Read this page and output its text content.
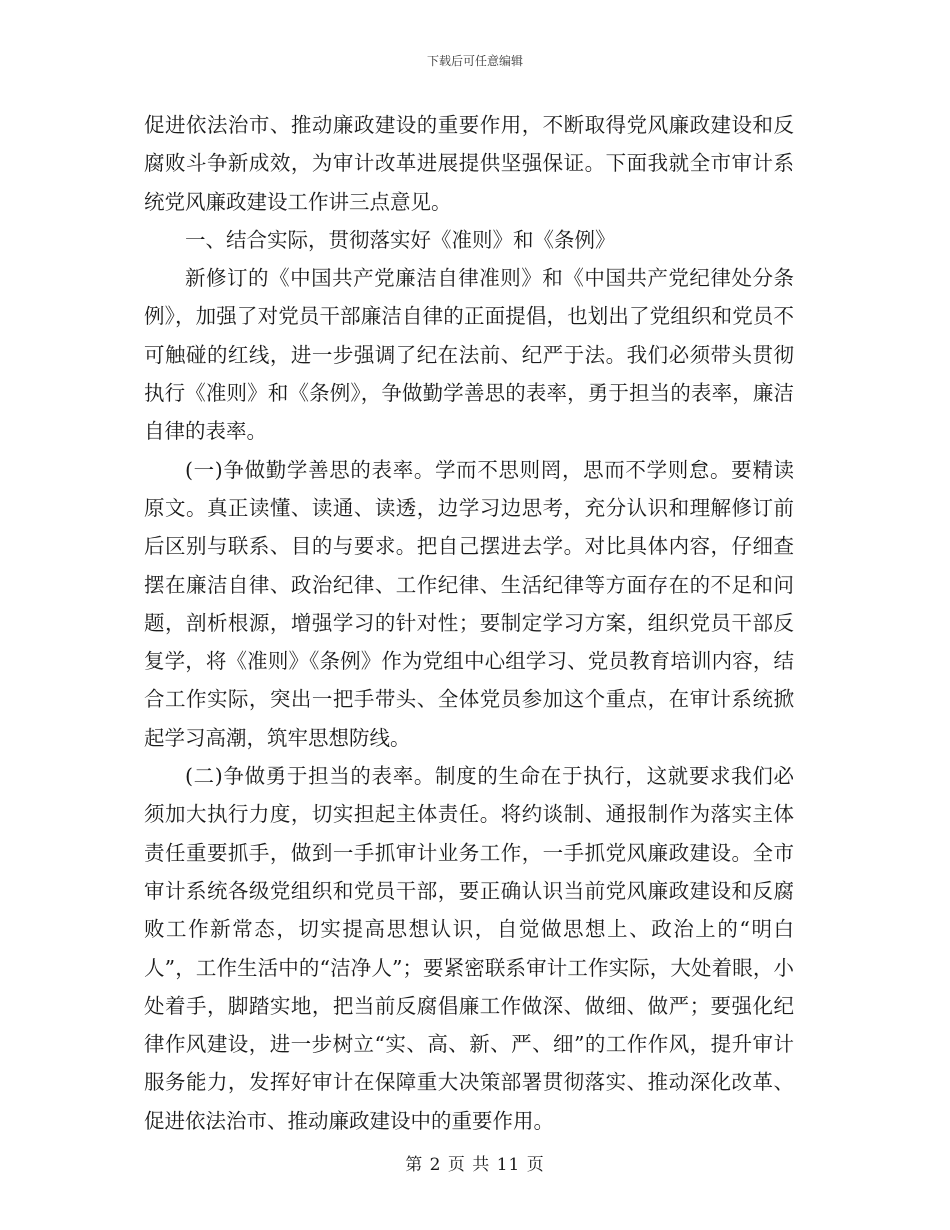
下载后可任意编辑

促进依法治市、推动廉政建设的重要作用，不断取得党风廉政建设和反腐败斗争新成效，为审计改革进展提供坚强保证。下面我就全市审计系统党风廉政建设工作讲三点意见。

一、结合实际，贯彻落实好《准则》和《条例》

新修订的《中国共产党廉洁自律准则》和《中国共产党纪律处分条例》，加强了对党员干部廉洁自律的正面提倡，也划出了党组织和党员不可触碰的红线，进一步强调了纪在法前、纪严于法。我们必须带头贯彻执行《准则》和《条例》，争做勤学善思的表率，勇于担当的表率，廉洁自律的表率。

(一)争做勤学善思的表率。学而不思则罔，思而不学则怠。要精读原文。真正读懂、读通、读透，边学习边思考，充分认识和理解修订前后区别与联系、目的与要求。把自己摆进去学。对比具体内容，仔细查摆在廉洁自律、政治纪律、工作纪律、生活纪律等方面存在的不足和问题，剖析根源，增强学习的针对性；要制定学习方案，组织党员干部反复学，将《准则》《条例》作为党组中心组学习、党员教育培训内容，结合工作实际，突出一把手带头、全体党员参加这个重点，在审计系统掀起学习高潮，筑牢思想防线。

(二)争做勇于担当的表率。制度的生命在于执行，这就要求我们必须加大执行力度，切实担起主体责任。将约谈制、通报制作为落实主体责任重要抓手，做到一手抓审计业务工作，一手抓党风廉政建设。全市审计系统各级党组织和党员干部，要正确认识当前党风廉政建设和反腐败工作新常态，切实提高思想认识，自觉做思想上、政治上的“明白人”，工作生活中的“洁净人”；要紧密联系审计工作实际，大处着眼，小处着手，脚踏实地，把当前反腐倡廉工作做深、做细、做严；要强化纪律作风建设，进一步树立“实、高、新、严、细”的工作作风，提升审计服务能力，发挥好审计在保障重大决策部署贯彻落实、推动深化改革、促进依法治市、推动廉政建设中的重要作用。

第 2 页 共 11 页
